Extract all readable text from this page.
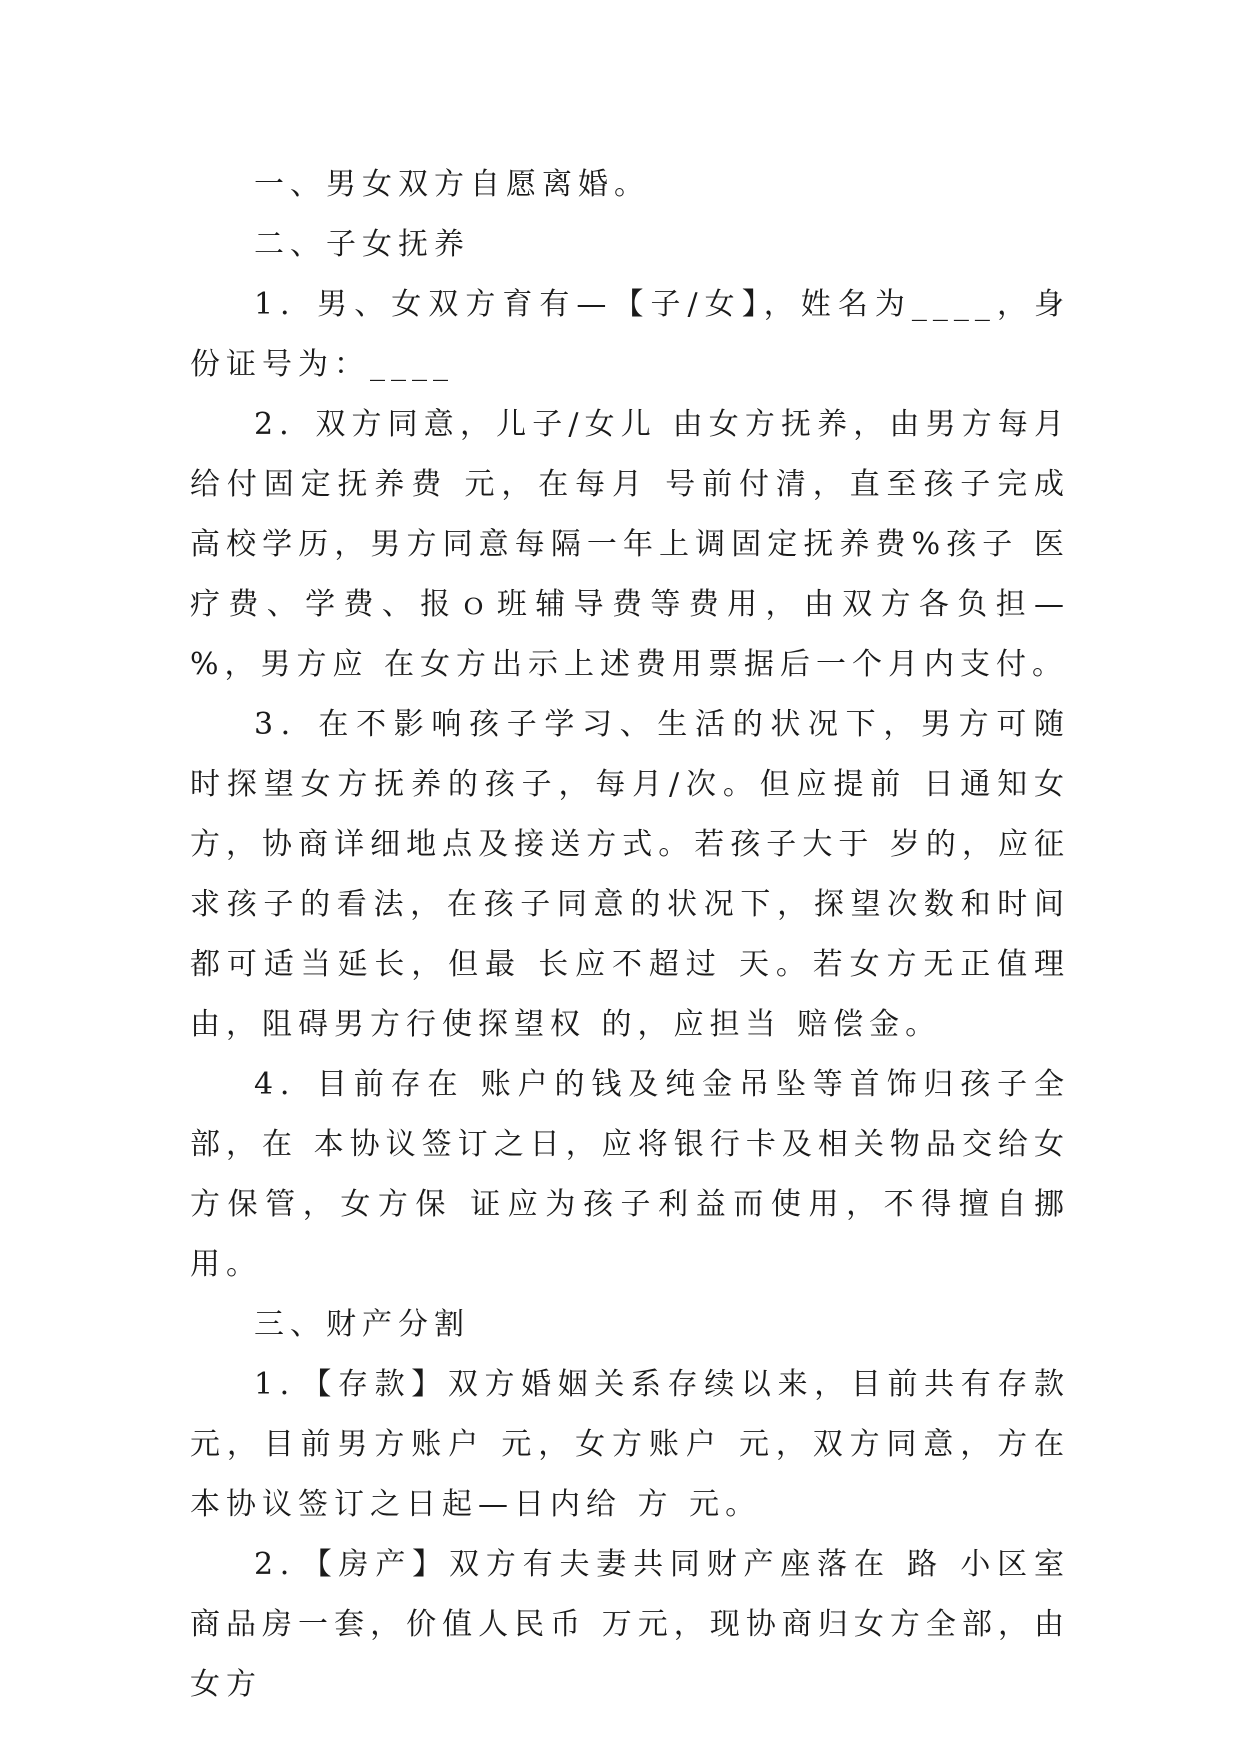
一、男女双方自愿离婚。

二、子女抚养

1．男、女双方育有—【子/女】，姓名为____，身份证号为：____

2．双方同意，儿子/女儿 由女方抚养，由男方每月给付固定抚养费 元，在每月 号前付清，直至孩子完成高校学历，男方同意每隔一年上调固定抚养费%孩子 医疗费、学费、报ｏ班辅导费等费用，由双方各负担—%，男方应 在女方出示上述费用票据后一个月内支付。

3．在不影响孩子学习、生活的状况下，男方可随时探望女方抚养的孩子，每月/次。但应提前 日通知女方，协商详细地点及接送方式。若孩子大于 岁的，应征求孩子的看法，在孩子同意的状况下，探望次数和时间都可适当延长，但最 长应不超过 天。若女方无正值理由，阻碍男方行使探望权 的，应担当 赔偿金。

4．目前存在 账户的钱及纯金吊坠等首饰归孩子全部，在 本协议签订之日，应将银行卡及相关物品交给女方保管，女方保 证应为孩子利益而使用，不得擅自挪用。

三、财产分割

1．【存款】双方婚姻关系存续以来，目前共有存款 元，目前男方账户 元，女方账户 元，双方同意，方在本协议签订之日起—日内给 方 元。

2．【房产】双方有夫妻共同财产座落在 路 小区室商品房一套，价值人民币 万元，现协商归女方全部，由女方
